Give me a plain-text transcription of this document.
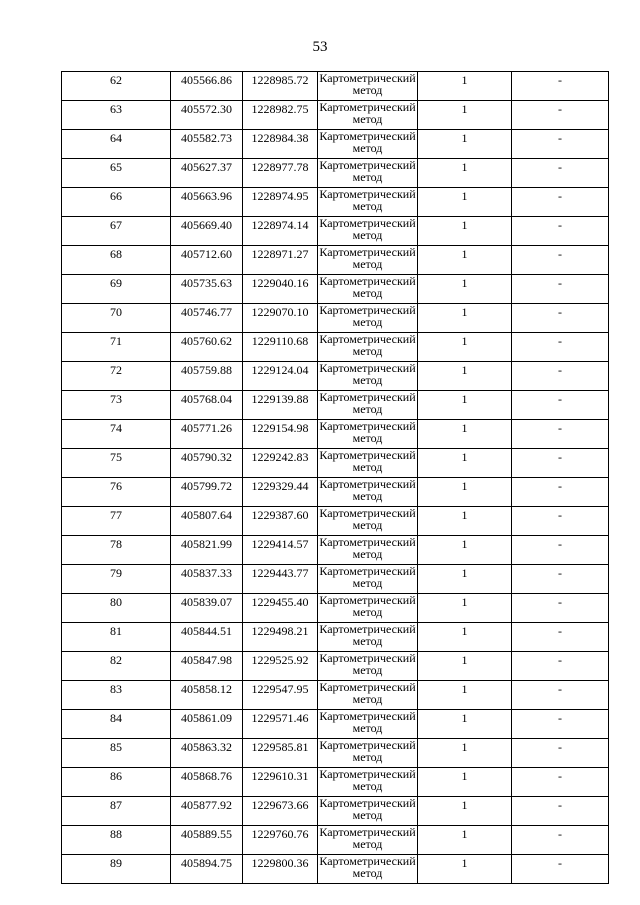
53
62	405566.86	1228985.72	Картометрический метод	1	-
63	405572.30	1228982.75	Картометрический метод	1	-
64	405582.73	1228984.38	Картометрический метод	1	-
65	405627.37	1228977.78	Картометрический метод	1	-
66	405663.96	1228974.95	Картометрический метод	1	-
67	405669.40	1228974.14	Картометрический метод	1	-
68	405712.60	1228971.27	Картометрический метод	1	-
69	405735.63	1229040.16	Картометрический метод	1	-
70	405746.77	1229070.10	Картометрический метод	1	-
71	405760.62	1229110.68	Картометрический метод	1	-
72	405759.88	1229124.04	Картометрический метод	1	-
73	405768.04	1229139.88	Картометрический метод	1	-
74	405771.26	1229154.98	Картометрический метод	1	-
75	405790.32	1229242.83	Картометрический метод	1	-
76	405799.72	1229329.44	Картометрический метод	1	-
77	405807.64	1229387.60	Картометрический метод	1	-
78	405821.99	1229414.57	Картометрический метод	1	-
79	405837.33	1229443.77	Картометрический метод	1	-
80	405839.07	1229455.40	Картометрический метод	1	-
81	405844.51	1229498.21	Картометрический метод	1	-
82	405847.98	1229525.92	Картометрический метод	1	-
83	405858.12	1229547.95	Картометрический метод	1	-
84	405861.09	1229571.46	Картометрический метод	1	-
85	405863.32	1229585.81	Картометрический метод	1	-
86	405868.76	1229610.31	Картометрический метод	1	-
87	405877.92	1229673.66	Картометрический метод	1	-
88	405889.55	1229760.76	Картометрический метод	1	-
89	405894.75	1229800.36	Картометрический метод	1	-
